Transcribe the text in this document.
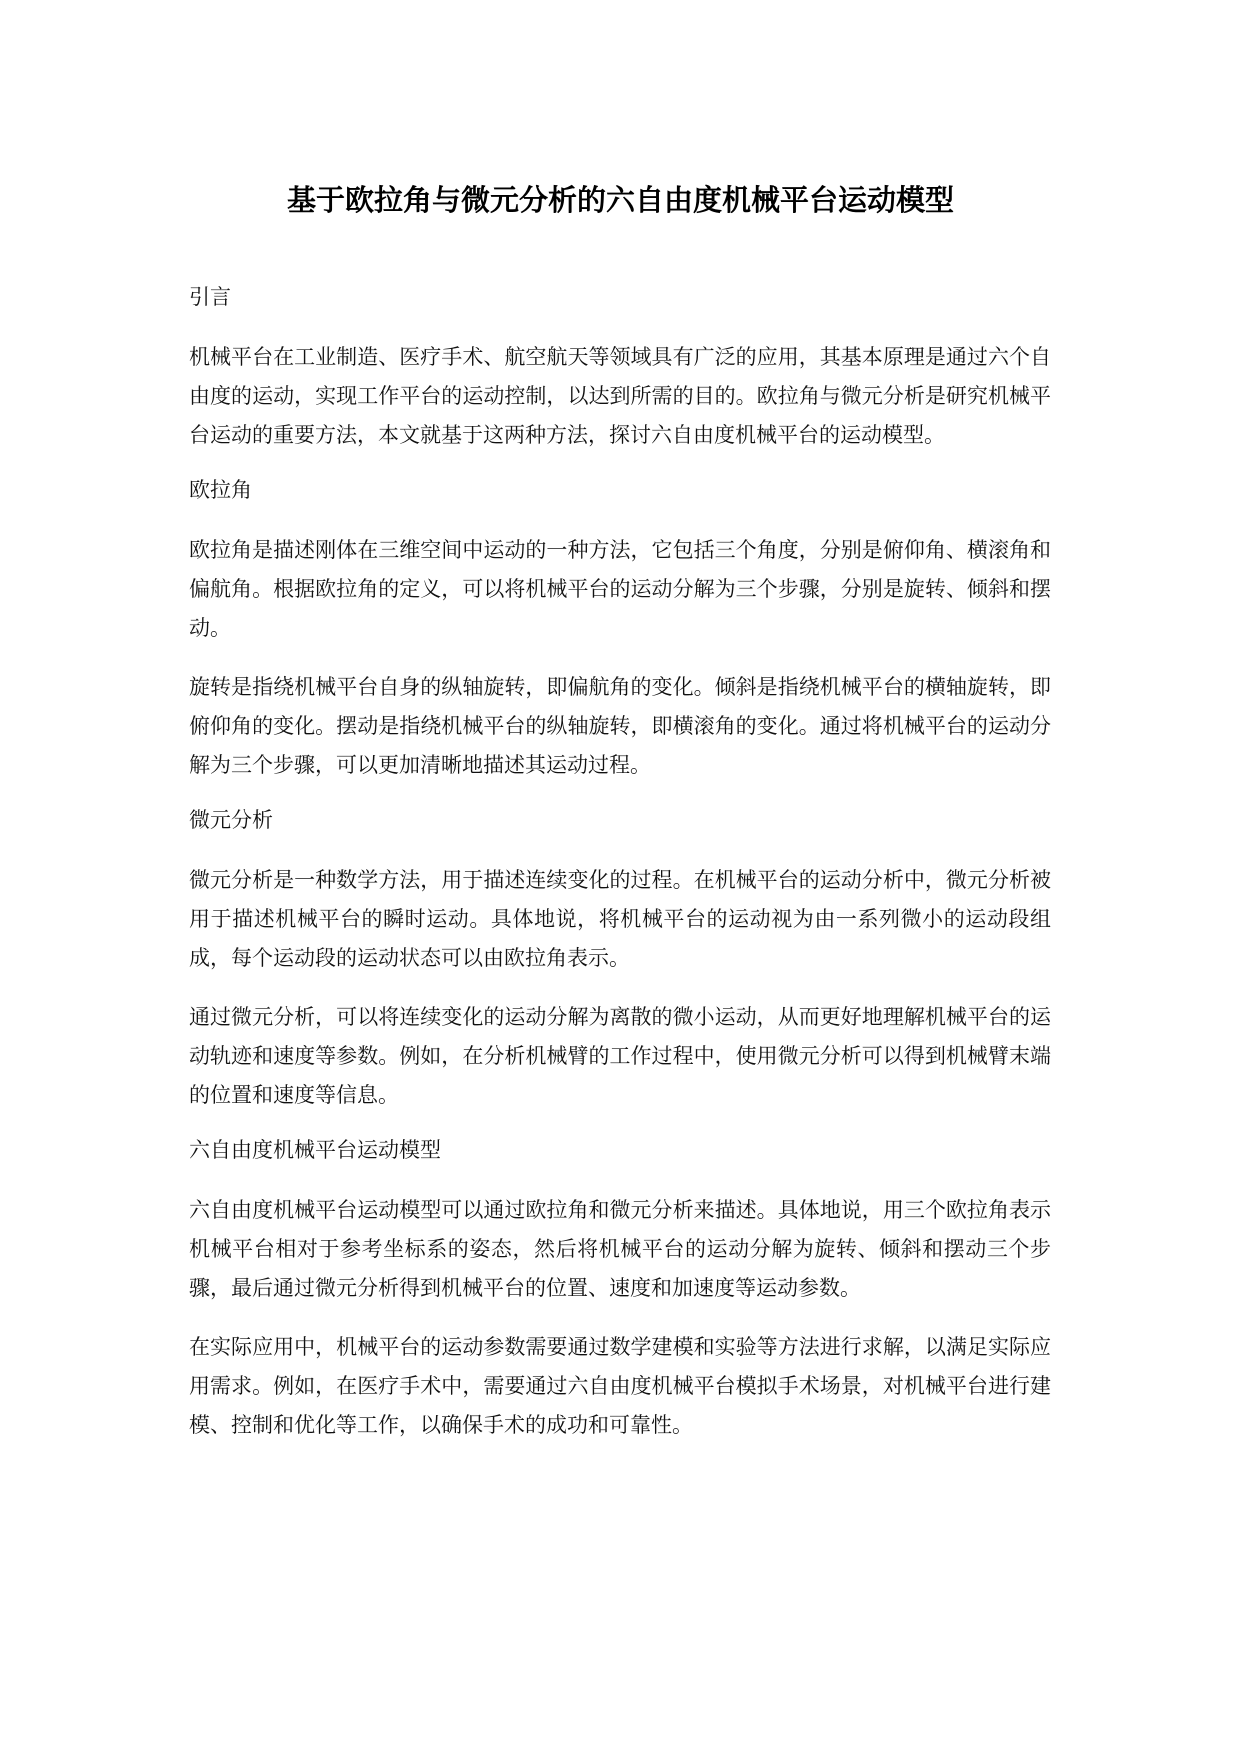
基于欧拉角与微元分析的六自由度机械平台运动模型
引言
机械平台在工业制造、医疗手术、航空航天等领域具有广泛的应用，其基本原理是通过六个自由度的运动，实现工作平台的运动控制，以达到所需的目的。欧拉角与微元分析是研究机械平台运动的重要方法，本文就基于这两种方法，探讨六自由度机械平台的运动模型。
欧拉角
欧拉角是描述刚体在三维空间中运动的一种方法，它包括三个角度，分别是俯仰角、横滚角和偏航角。根据欧拉角的定义，可以将机械平台的运动分解为三个步骤，分别是旋转、倾斜和摆动。
旋转是指绕机械平台自身的纵轴旋转，即偏航角的变化。倾斜是指绕机械平台的横轴旋转，即俯仰角的变化。摆动是指绕机械平台的纵轴旋转，即横滚角的变化。通过将机械平台的运动分解为三个步骤，可以更加清晰地描述其运动过程。
微元分析
微元分析是一种数学方法，用于描述连续变化的过程。在机械平台的运动分析中，微元分析被用于描述机械平台的瞬时运动。具体地说，将机械平台的运动视为由一系列微小的运动段组成，每个运动段的运动状态可以由欧拉角表示。
通过微元分析，可以将连续变化的运动分解为离散的微小运动，从而更好地理解机械平台的运动轨迹和速度等参数。例如，在分析机械臂的工作过程中，使用微元分析可以得到机械臂末端的位置和速度等信息。
六自由度机械平台运动模型
六自由度机械平台运动模型可以通过欧拉角和微元分析来描述。具体地说，用三个欧拉角表示机械平台相对于参考坐标系的姿态，然后将机械平台的运动分解为旋转、倾斜和摆动三个步骤，最后通过微元分析得到机械平台的位置、速度和加速度等运动参数。
在实际应用中，机械平台的运动参数需要通过数学建模和实验等方法进行求解，以满足实际应用需求。例如，在医疗手术中，需要通过六自由度机械平台模拟手术场景，对机械平台进行建模、控制和优化等工作，以确保手术的成功和可靠性。
